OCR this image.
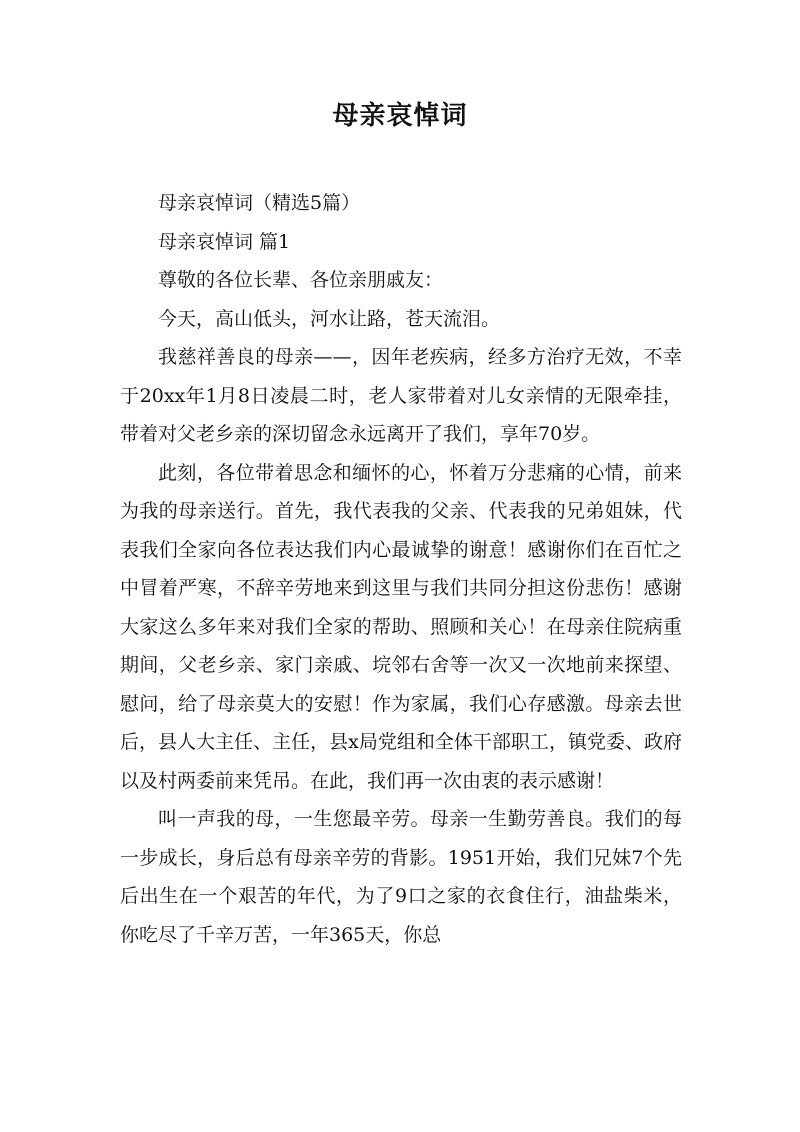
母亲哀悼词

母亲哀悼词（精选5篇）

母亲哀悼词 篇1

尊敬的各位长辈、各位亲朋戚友：

今天，高山低头，河水让路，苍天流泪。

我慈祥善良的母亲——，因年老疾病，经多方治疗无效，不幸于20xx年1月8日凌晨二时，老人家带着对儿女亲情的无限牵挂，带着对父老乡亲的深切留念永远离开了我们，享年70岁。

此刻，各位带着思念和缅怀的心，怀着万分悲痛的心情，前来为我的母亲送行。首先，我代表我的父亲、代表我的兄弟姐妹，代表我们全家向各位表达我们内心最诚挚的谢意！感谢你们在百忙之中冒着严寒，不辞辛劳地来到这里与我们共同分担这份悲伤！感谢大家这么多年来对我们全家的帮助、照顾和关心！在母亲住院病重期间，父老乡亲、家门亲戚、垸邻右舍等一次又一次地前来探望、慰问，给了母亲莫大的安慰！作为家属，我们心存感激。母亲去世后，县人大主任、主任，县x局党组和全体干部职工，镇党委、政府以及村两委前来凭吊。在此，我们再一次由衷的表示感谢！

叫一声我的母，一生您最辛劳。母亲一生勤劳善良。我们的每一步成长，身后总有母亲辛劳的背影。1951开始，我们兄妹7个先后出生在一个艰苦的年代，为了9口之家的衣食住行，油盐柴米，你吃尽了千辛万苦，一年365天，你总
